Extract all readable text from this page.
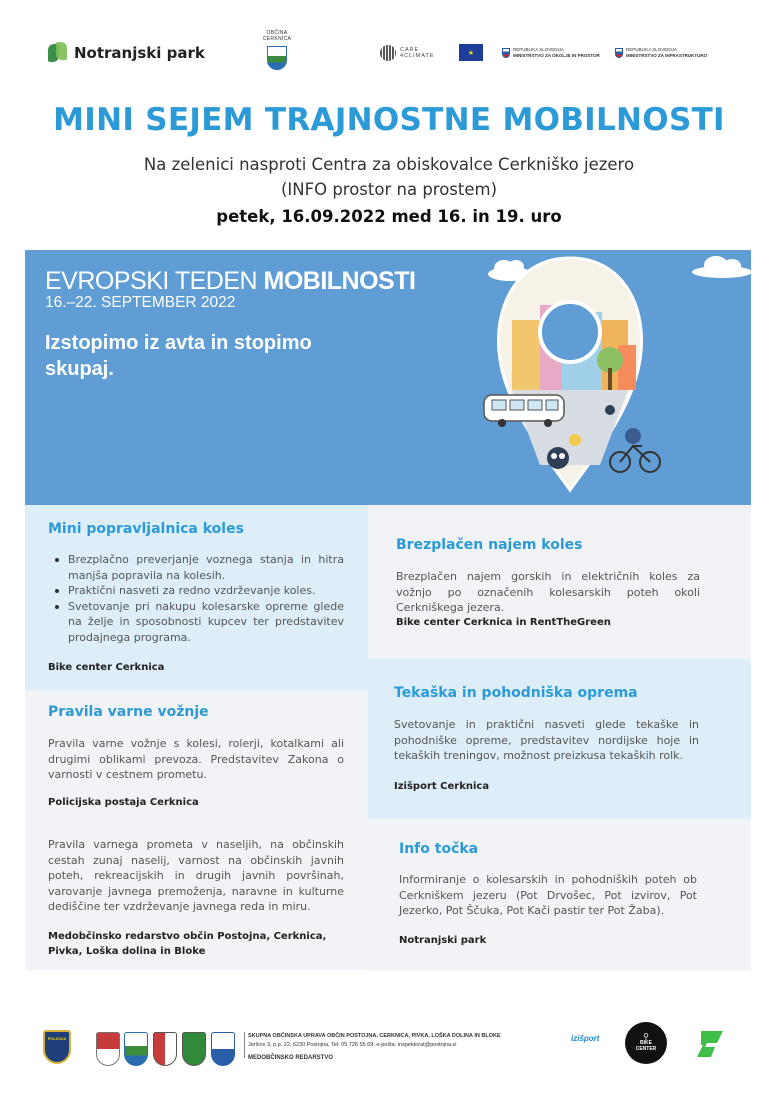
Notranjski park
OBČINA CERKNICA
CARE 4CLIMATE	★	REPUBLIKA SLOVENIJA
MINISTRSTVO ZA OKOLJE IN PROSTOR
REPUBLIKA SLOVENIJA
MINISTRSTVO ZA INFRASTRUKTURO
MINI SEJEM TRAJNOSTNE MOBILNOSTI
Na zelenici nasproti Centra za obiskovalce Cerkniško jezero
(INFO prostor na prostem)
petek, 16.09.2022 med 16. in 19. uro
EVROPSKI TEDEN MOBILNOSTI
16.–22. SEPTEMBER 2022
Izstopimo iz avta in stopimo skupaj.
Mini popravljalnica koles
Brezplačno preverjanje voznega stanja in hitra manjša popravila na kolesih.
Praktični nasveti za redno vzdrževanje koles.
Svetovanje pri nakupu kolesarske opreme glede na želje in sposobnosti kupcev ter predstavitev prodajnega programa.
Bike center Cerknica
Brezplačen najem koles

Brezplačen najem gorskih in električnih koles za vožnjo po označenih kolesarskih poteh okoli Cerkniškega jezera.

Bike center Cerknica in RentTheGreen
Pravila varne vožnje

Pravila varne vožnje s kolesi, rolerji, kotalkami ali drugimi oblikami prevoza. Predstavitev Zakona o varnosti v cestnem prometu.

Policijska postaja Cerknica
Tekaška in pohodniška oprema

Svetovanje in praktični nasveti glede tekaške in pohodniške opreme, predstavitev nordijske hoje in tekaških treningov, možnost preizkusa tekaških rolk.

Izišport Cerknica

Pravila varnega prometa v naseljih, na občinskih cestah zunaj naselij, varnost na občinskih javnih poteh, rekreacijskih in drugih javnih površinah, varovanje javnega premoženja, naravne in kulturne dediščine ter vzdrževanje javnega reda in miru.

Medobčinsko redarstvo občin Postojna, Cerknica, Pivka, Loška dolina in Bloke
Info točka

Informiranje o kolesarskih in pohodniških poteh ob Cerkniškem jezeru (Pot Drvošec, Pot izvirov, Pot Jezerko, Pot Ščuka, Pot Kači pastir ter Pot Žaba).

Notranjski park
POLICIJA	SKUPNA OBČINSKA UPRAVA OBČIN POSTOJNA, CERKNICA, PIVKA, LOŠKA DOLINA IN BLOKE
Jeršice 3, p.p. 22, 6230 Postojna, Tel: 05 726 55 69, e-pošta: inspektorat@postojna.si
MEDOBČINSKO REDARSTVO
izišport	⚲
BIKE
CENTER
